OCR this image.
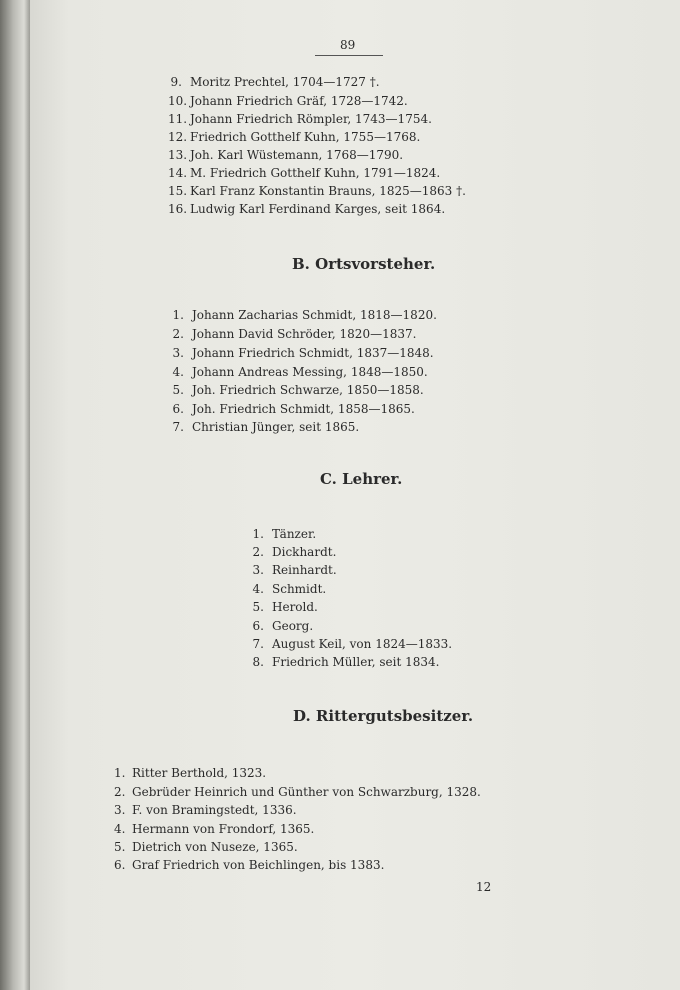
89
9. Moritz Prechtel, 1704—1727 †.
10. Johann Friedrich Gräf, 1728—1742.
11. Johann Friedrich Römpler, 1743—1754.
12. Friedrich Gotthelf Kuhn, 1755—1768.
13. Joh. Karl Wüstemann, 1768—1790.
14. M. Friedrich Gotthelf Kuhn, 1791—1824.
15. Karl Franz Konstantin Brauns, 1825—1863 †.
16. Ludwig Karl Ferdinand Karges, seit 1864.
B. Ortsvorsteher.
1. Johann Zacharias Schmidt, 1818—1820.
2. Johann David Schröder, 1820—1837.
3. Johann Friedrich Schmidt, 1837—1848.
4. Johann Andreas Messing, 1848—1850.
5. Joh. Friedrich Schwarze, 1850—1858.
6. Joh. Friedrich Schmidt, 1858—1865.
7. Christian Jünger, seit 1865.
C. Lehrer.
1. Tänzer.
2. Dickhardt.
3. Reinhardt.
4. Schmidt.
5. Herold.
6. Georg.
7. August Keil, von 1824—1833.
8. Friedrich Müller, seit 1834.
D. Rittergutsbesitzer.
1. Ritter Berthold, 1323.
2. Gebrüder Heinrich und Günther von Schwarzburg, 1328.
3. F. von Bramingstedt, 1336.
4. Hermann von Frondorf, 1365.
5. Dietrich von Nuseze, 1365.
6. Graf Friedrich von Beichlingen, bis 1383.
12
